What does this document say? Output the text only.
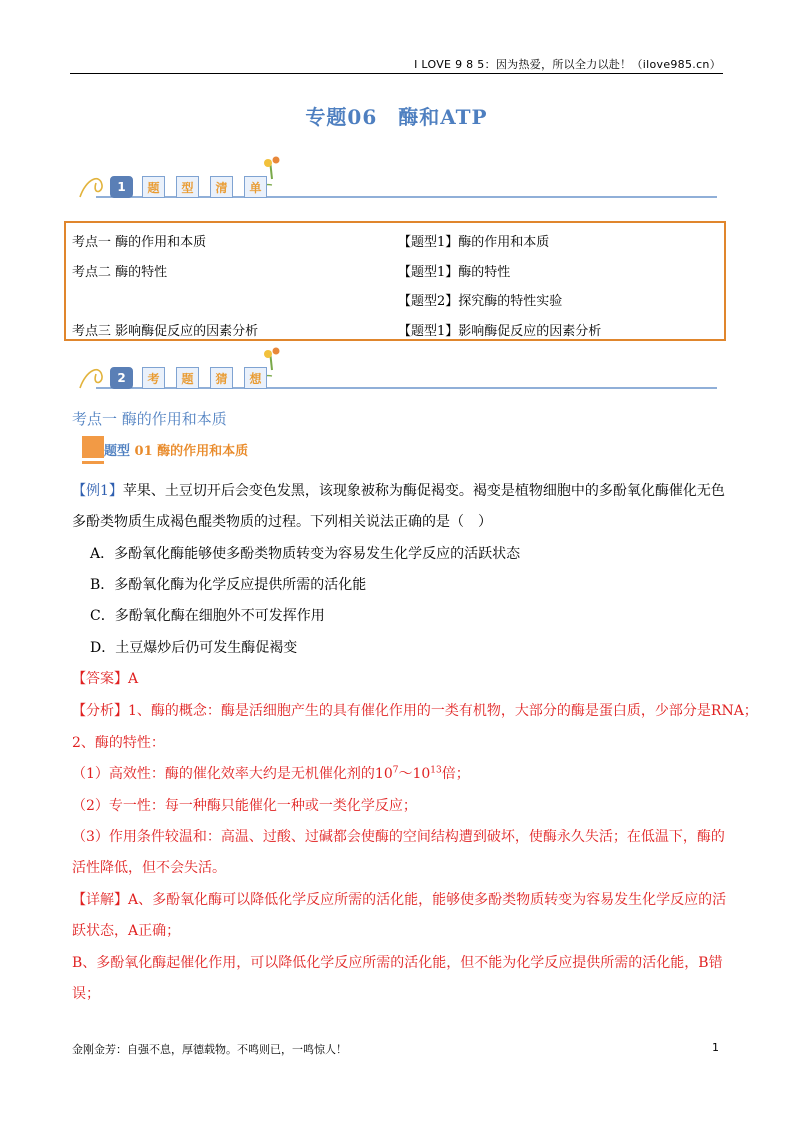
I LOVE 9 8 5：因为热爱，所以全力以赴！（ilove985.cn）
专题06　酶和ATP
1	题	型	清	单
考点一 酶的作用和本质	【题型1】酶的作用和本质
考点二 酶的特性	【题型1】酶的特性
【题型2】探究酶的特性实验
考点三 影响酶促反应的因素分析	【题型1】影响酶促反应的因素分析
2	考	题	猜	想
考点一 酶的作用和本质
题型 01 酶的作用和本质
【例1】苹果、土豆切开后会变色发黑，该现象被称为酶促褐变。褐变是植物细胞中的多酚氧化酶催化无色
多酚类物质生成褐色醌类物质的过程。下列相关说法正确的是（　）
A．多酚氧化酶能够使多酚类物质转变为容易发生化学反应的活跃状态
B．多酚氧化酶为化学反应提供所需的活化能
C．多酚氧化酶在细胞外不可发挥作用
D．土豆爆炒后仍可发生酶促褐变
【答案】A
【分析】1、酶的概念：酶是活细胞产生的具有催化作用的一类有机物，大部分的酶是蛋白质，少部分是RNA；
2、酶的特性：
（1）高效性：酶的催化效率大约是无机催化剂的$10^7\sim 10^{13}$倍；
（2）专一性：每一种酶只能催化一种或一类化学反应；
（3）作用条件较温和：高温、过酸、过碱都会使酶的空间结构遭到破坏，使酶永久失活；在低温下，酶的
活性降低，但不会失活。
【详解】A、多酚氧化酶可以降低化学反应所需的活化能，能够使多酚类物质转变为容易发生化学反应的活
跃状态，A正确；
B、多酚氧化酶起催化作用，可以降低化学反应所需的活化能，但不能为化学反应提供所需的活化能，B错
误；
金刚金芳：自强不息，厚德载物。不鸣则已，一鸣惊人！	1
